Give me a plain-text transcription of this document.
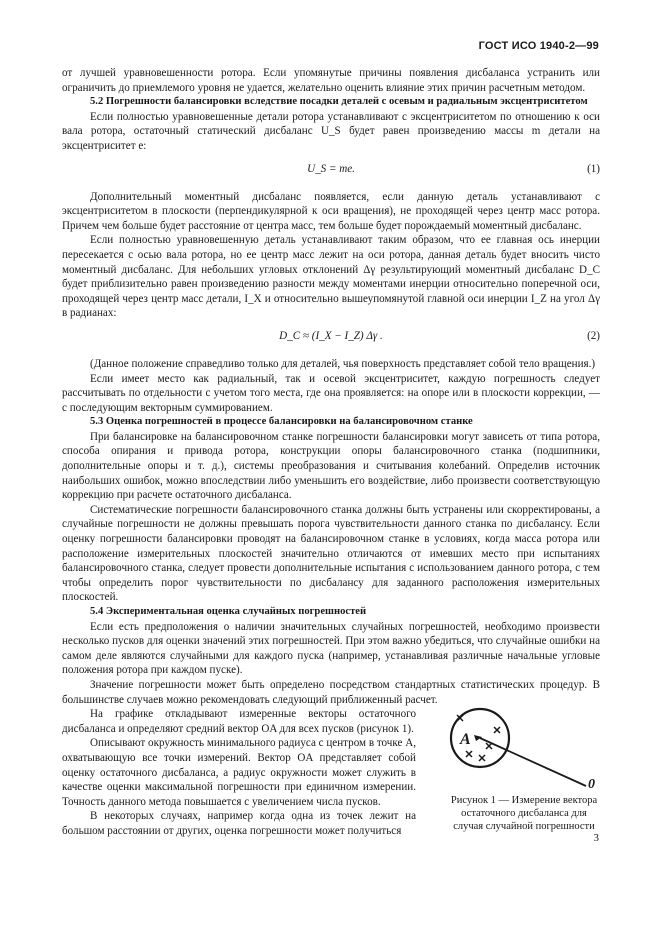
ГОСТ ИСО 1940-2—99

от лучшей уравновешенности ротора. Если упомянутые причины появления дисбаланса устранить или ограничить до приемлемого уровня не удается, желательно оценить влияние этих причин расчетным методом.

5.2 Погрешности балансировки вследствие посадки деталей с осевым и радиальным эксцентриситетом

Если полностью уравновешенные детали ротора устанавливают с эксцентриситетом по отношению к оси вала ротора, остаточный статический дисбаланс U_S будет равен произведению массы m детали на эксцентриситет e:

U_S = me.	(1)

Дополнительный моментный дисбаланс появляется, если данную деталь устанавливают с эксцентриситетом в плоскости (перпендикулярной к оси вращения), не проходящей через центр масс ротора. Причем чем больше будет расстояние от центра масс, тем больше будет порождаемый моментный дисбаланс.

Если полностью уравновешенную деталь устанавливают таким образом, что ее главная ось инерции пересекается с осью вала ротора, но ее центр масс лежит на оси ротора, данная деталь будет вносить чисто моментный дисбаланс. Для небольших угловых отклонений Δγ результирующий моментный дисбаланс D_C будет приблизительно равен произведению разности между моментами инерции относительно поперечной оси, проходящей через центр масс детали, I_X и относительно вышеупомянутой главной оси инерции I_Z на угол Δγ в радианах:

D_C ≈ (I_X − I_Z) Δγ .	(2)

(Данное положение справедливо только для деталей, чья поверхность представляет собой тело вращения.)

Если имеет место как радиальный, так и осевой эксцентриситет, каждую погрешность следует рассчитывать по отдельности с учетом того места, где она проявляется: на опоре или в плоскости коррекции, — с последующим векторным суммированием.

5.3 Оценка погрешностей в процессе балансировки на балансировочном станке

При балансировке на балансировочном станке погрешности балансировки могут зависеть от типа ротора, способа опирания и привода ротора, конструкции опоры балансировочного станка (подшипники, дополнительные опоры и т. д.), системы преобразования и считывания колебаний. Определив источник наибольших ошибок, можно впоследствии либо уменьшить его воздействие, либо произвести соответствующую коррекцию при расчете остаточного дисбаланса.

Систематические погрешности балансировочного станка должны быть устранены или скорректированы, а случайные погрешности не должны превышать порога чувствительности данного станка по дисбалансу. Если оценку погрешности балансировки проводят на балансировочном станке в условиях, когда масса ротора или расположение измерительных плоскостей значительно отличаются от имевших место при испытаниях балансировочного станка, следует провести дополнительные испытания с использованием данного ротора, с тем чтобы определить порог чувствительности по дисбалансу для заданного расположения измерительных плоскостей.

5.4 Экспериментальная оценка случайных погрешностей

Если есть предположения о наличии значительных случайных погрешностей, необходимо произвести несколько пусков для оценки значений этих погрешностей. При этом важно убедиться, что случайные ошибки на самом деле являются случайными для каждого пуска (например, устанавливая различные начальные угловые положения ротора при каждом пуске).

Значение погрешности может быть определено посредством стандартных статистических процедур. В большинстве случаев можно рекомендовать следующий приближенный расчет.

На графике откладывают измеренные векторы остаточного дисбаланса и определяют средний вектор OA для всех пусков (рисунок 1).

Описывают окружность минимального радиуса с центром в точке A, охватывающую все точки измерений. Вектор OA представляет собой оценку остаточного дисбаланса, а радиус окружности может служить в качестве оценки максимальной погрешности при единичном измерении. Точность данного метода повышается с увеличением числа пусков.

В некоторых случаях, например когда одна из точек лежит на большом расстоянии от других, оценка погрешности может получиться

A
0
Рисунок 1 — Измерение вектора остаточного дисбаланса для случая случайной погрешности
3
